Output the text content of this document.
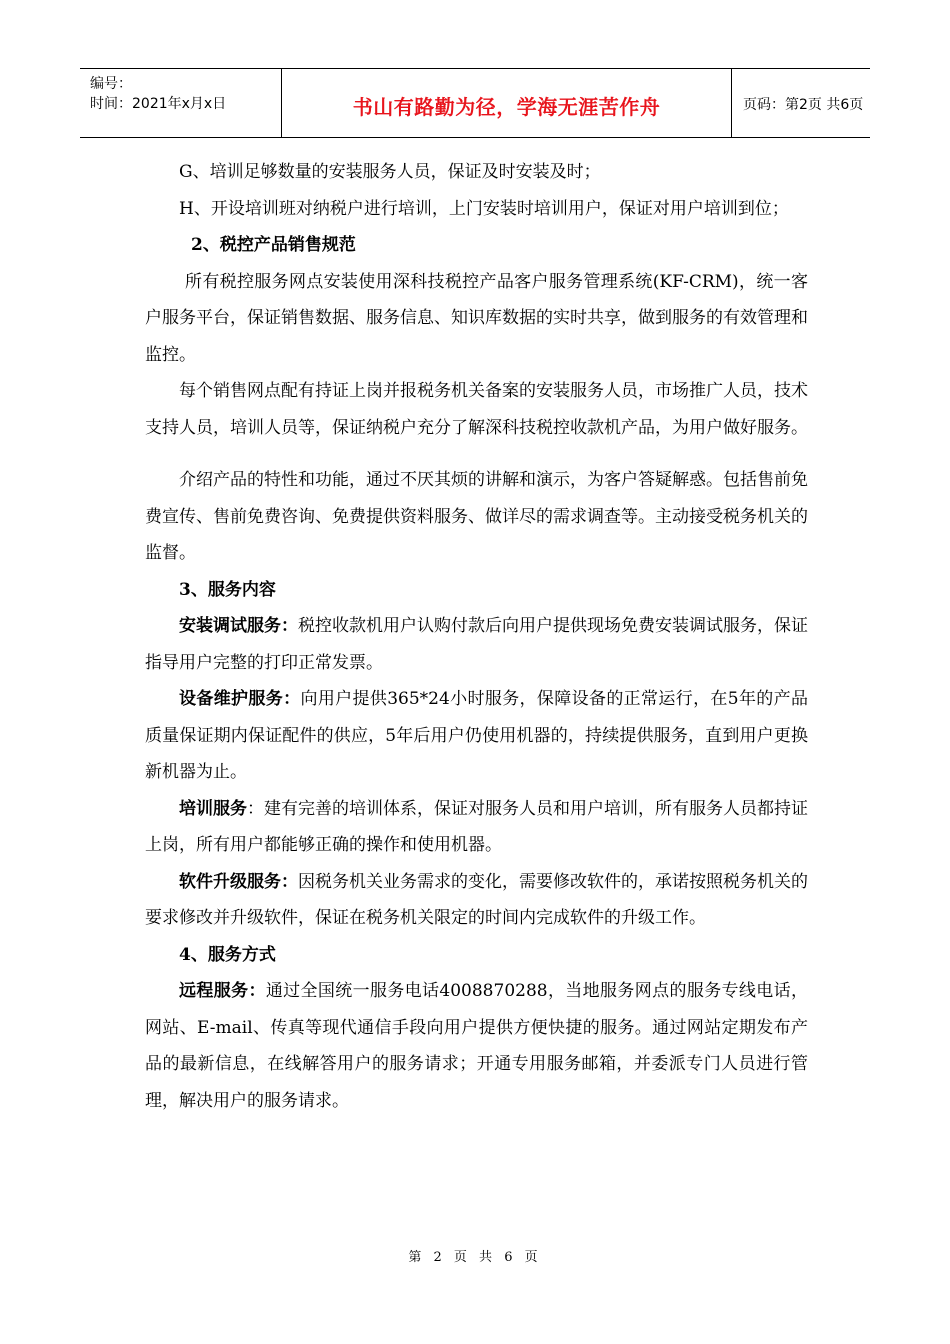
编号：
时间：2021年x月x日	书山有路勤为径，学海无涯苦作舟	页码：第2页 共6页

G、培训足够数量的安装服务人员，保证及时安装及时；

H、开设培训班对纳税户进行培训，上门安装时培训用户，保证对用户培训到位；

2、税控产品销售规范

所有税控服务网点安装使用深科技税控产品客户服务管理系统(KF-CRM)，统一客户服务平台，保证销售数据、服务信息、知识库数据的实时共享，做到服务的有效管理和监控。

每个销售网点配有持证上岗并报税务机关备案的安装服务人员，市场推广人员，技术支持人员，培训人员等，保证纳税户充分了解深科技税控收款机产品，为用户做好服务。

介绍产品的特性和功能，通过不厌其烦的讲解和演示，为客户答疑解惑。包括售前免费宣传、售前免费咨询、免费提供资料服务、做详尽的需求调查等。主动接受税务机关的监督。

3、服务内容

安装调试服务：税控收款机用户认购付款后向用户提供现场免费安装调试服务，保证指导用户完整的打印正常发票。

设备维护服务：向用户提供365*24小时服务，保障设备的正常运行，在5年的产品质量保证期内保证配件的供应，5年后用户仍使用机器的，持续提供服务，直到用户更换新机器为止。

培训服务：建有完善的培训体系，保证对服务人员和用户培训，所有服务人员都持证上岗，所有用户都能够正确的操作和使用机器。

软件升级服务：因税务机关业务需求的变化，需要修改软件的，承诺按照税务机关的要求修改并升级软件，保证在税务机关限定的时间内完成软件的升级工作。

4、服务方式

远程服务：通过全国统一服务电话4008870288，当地服务网点的服务专线电话，网站、E-mail、传真等现代通信手段向用户提供方便快捷的服务。通过网站定期发布产品的最新信息，在线解答用户的服务请求；开通专用服务邮箱，并委派专门人员进行管理，解决用户的服务请求。

第 2 页 共 6 页
